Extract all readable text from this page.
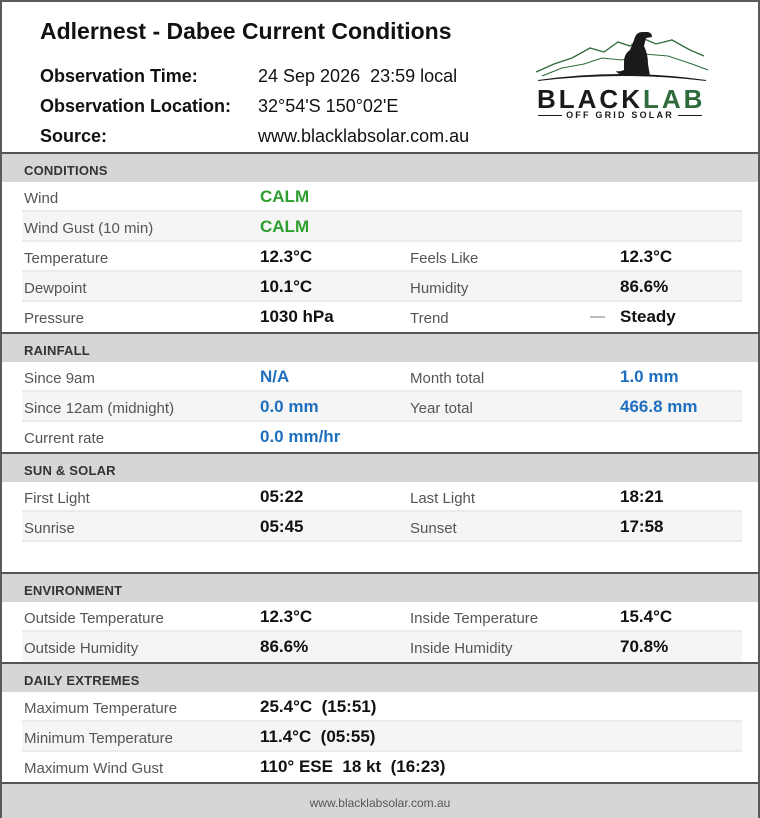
Adlernest - Dabee Current Conditions
Observation Time:	24 Sep 2026  23:59 local
Observation Location: 32°54'S 150°02'E
Source:	www.blacklabsolar.com.au
BLACKLAB
OFF GRID SOLAR
CONDITIONS
Wind	CALM
Wind Gust (10 min)	CALM
Temperature	12.3°C	Feels Like	12.3°C
Dewpoint	10.1°C	Humidity	86.6%
Pressure	1030 hPa	Trend	— Steady
RAINFALL
Since 9am	N/A	Month total	1.0 mm
Since 12am (midnight)	0.0 mm	Year total	466.8 mm
Current rate	0.0 mm/hr
SUN & SOLAR
First Light	05:22	Last Light	18:21
Sunrise	05:45	Sunset	17:58
ENVIRONMENT
Outside Temperature	12.3°C	Inside Temperature	15.4°C
Outside Humidity	86.6%	Inside Humidity	70.8%
DAILY EXTREMES
Maximum Temperature	25.4°C  (15:51)
Minimum Temperature	11.4°C  (05:55)
Maximum Wind Gust	110° ESE  18 kt  (16:23)
www.blacklabsolar.com.au
